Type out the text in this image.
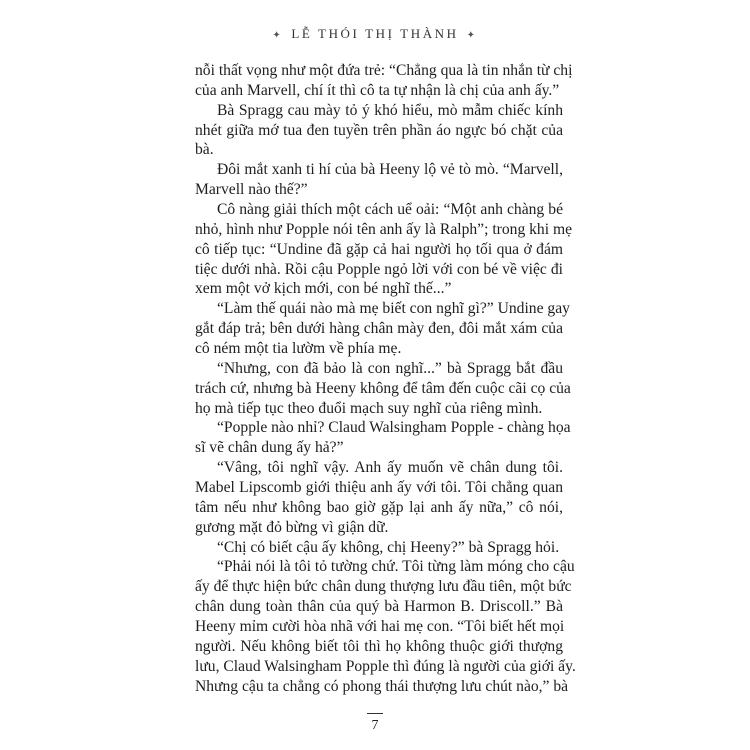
✦ LỄ THÓI THỊ THÀNH ✦
nỗi thất vọng như một đứa trẻ: “Chẳng qua là tin nhắn từ chị
của anh Marvell, chí ít thì cô ta tự nhận là chị của anh ấy.”
Bà Spragg cau mày tỏ ý khó hiểu, mò mẫm chiếc kính
nhét giữa mớ tua đen tuyền trên phần áo ngực bó chặt của
bà.
Đôi mắt xanh ti hí của bà Heeny lộ vẻ tò mò. “Marvell,
Marvell nào thế?”
Cô nàng giải thích một cách uể oải: “Một anh chàng bé
nhỏ, hình như Popple nói tên anh ấy là Ralph”; trong khi mẹ
cô tiếp tục: “Undine đã gặp cả hai người họ tối qua ở đám
tiệc dưới nhà. Rồi cậu Popple ngỏ lời với con bé về việc đi
xem một vở kịch mới, con bé nghĩ thế...”
“Làm thế quái nào mà mẹ biết con nghĩ gì?” Undine gay
gắt đáp trả; bên dưới hàng chân mày đen, đôi mắt xám của
cô ném một tia lườm về phía mẹ.
“Nhưng, con đã bảo là con nghĩ...” bà Spragg bắt đầu
trách cứ, nhưng bà Heeny không để tâm đến cuộc cãi cọ của
họ mà tiếp tục theo đuổi mạch suy nghĩ của riêng mình.
“Popple nào nhỉ? Claud Walsingham Popple - chàng họa
sĩ vẽ chân dung ấy hả?”
“Vâng, tôi nghĩ vậy. Anh ấy muốn vẽ chân dung tôi.
Mabel Lipscomb giới thiệu anh ấy với tôi. Tôi chẳng quan
tâm nếu như không bao giờ gặp lại anh ấy nữa,” cô nói,
gương mặt đỏ bừng vì giận dữ.
“Chị có biết cậu ấy không, chị Heeny?” bà Spragg hỏi.
“Phải nói là tôi tỏ tường chứ. Tôi từng làm móng cho cậu
ấy để thực hiện bức chân dung thượng lưu đầu tiên, một bức
chân dung toàn thân của quý bà Harmon B. Driscoll.” Bà
Heeny mỉm cười hòa nhã với hai mẹ con. “Tôi biết hết mọi
người. Nếu không biết tôi thì họ không thuộc giới thượng
lưu, Claud Walsingham Popple thì đúng là người của giới ấy.
Nhưng cậu ta chẳng có phong thái thượng lưu chút nào,” bà
7
